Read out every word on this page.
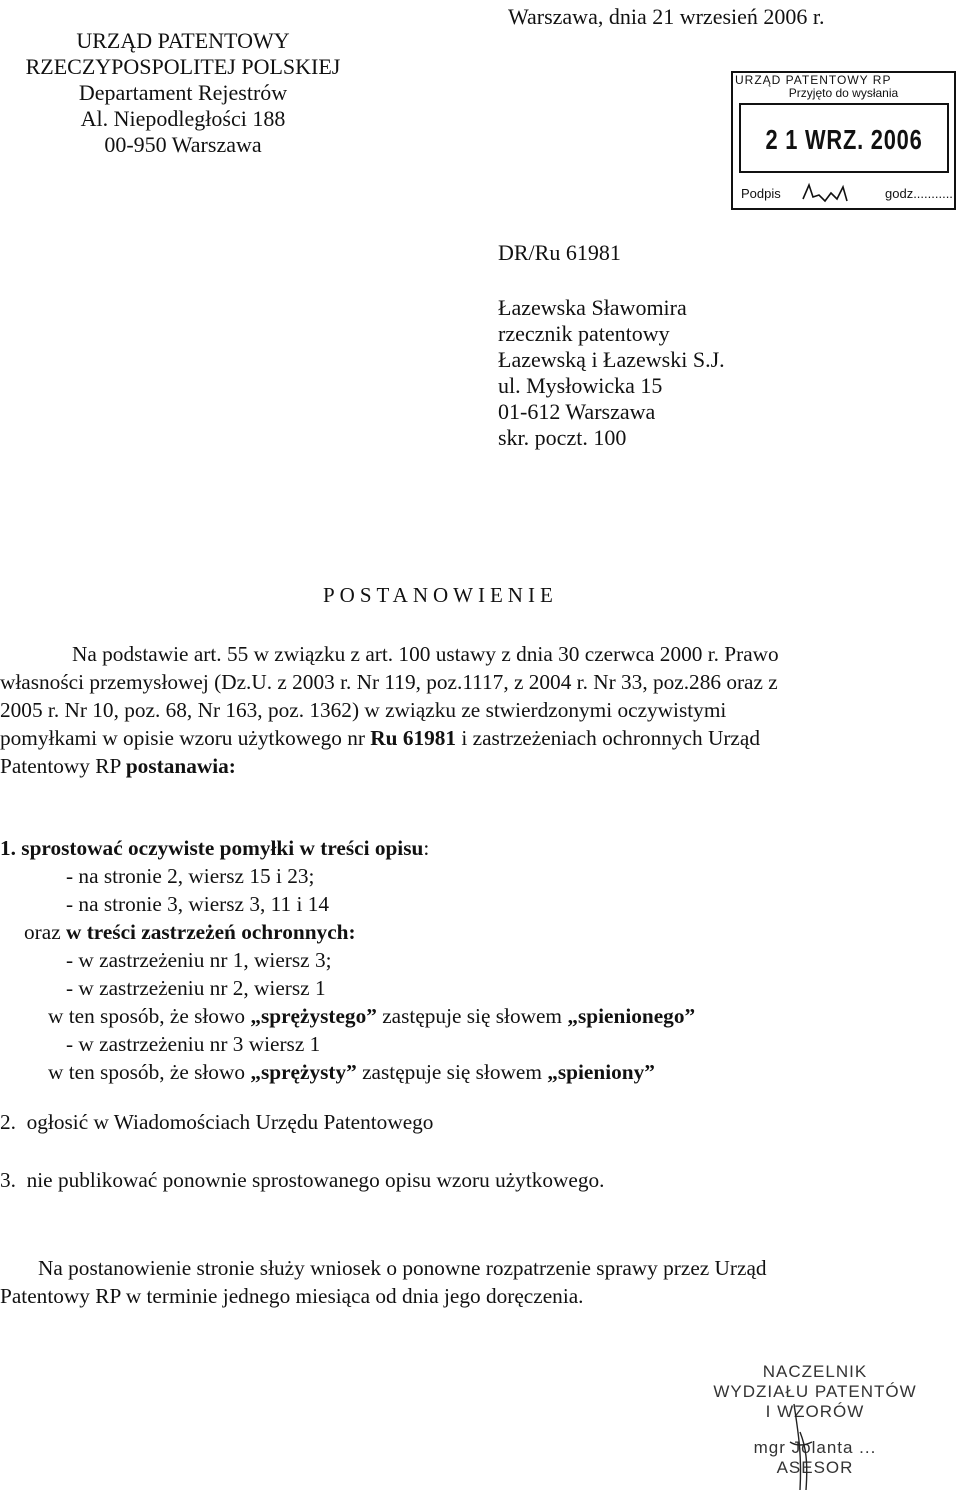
URZĄD PATENTOWY
RZECZYPOSPOLITEJ POLSKIEJ
Departament Rejestrów
Al. Niepodległości 188
00-950 Warszawa
Warszawa, dnia 21 wrzesień 2006 r.
URZĄD PATENTOWY RP
Przyjęto do wysłania
2 1 WRZ. 2006
Podpis	godz...........
DR/Ru 61981
Łazewska Sławomira
rzecznik patentowy
Łazewską i Łazewski S.J.
ul. Mysłowicka 15
01-612 Warszawa
skr. poczt. 100
POSTANOWIENIE
Na podstawie art. 55 w związku z art. 100 ustawy z dnia 30 czerwca 2000 r. Prawo
własności przemysłowej (Dz.U. z 2003 r. Nr 119, poz.1117, z 2004 r. Nr 33, poz.286 oraz z
2005 r. Nr 10, poz. 68, Nr 163, poz. 1362) w związku ze stwierdzonymi oczywistymi
pomyłkami w opisie wzoru użytkowego nr Ru 61981 i zastrzeżeniach ochronnych Urząd
Patentowy RP postanawia:
1. sprostować oczywiste pomyłki w treści opisu:
- na stronie 2, wiersz 15 i 23;
- na stronie 3, wiersz 3, 11 i 14
oraz w treści zastrzeżeń ochronnych:
- w zastrzeżeniu nr 1, wiersz 3;
- w zastrzeżeniu nr 2, wiersz 1
w ten sposób, że słowo „sprężystego” zastępuje się słowem „spienionego”
- w zastrzeżeniu nr 3 wiersz 1
w ten sposób, że słowo „sprężysty” zastępuje się słowem „spieniony”
2.  ogłosić w Wiadomościach Urzędu Patentowego
3.  nie publikować ponownie sprostowanego opisu wzoru użytkowego.
Na postanowienie stronie służy wniosek o ponowne rozpatrzenie sprawy przez Urząd
Patentowy RP w terminie jednego miesiąca od dnia jego doręczenia.
NACZELNIK
WYDZIAŁU PATENTÓW
I WZORÓW
mgr Jolanta ...
ASESOR
